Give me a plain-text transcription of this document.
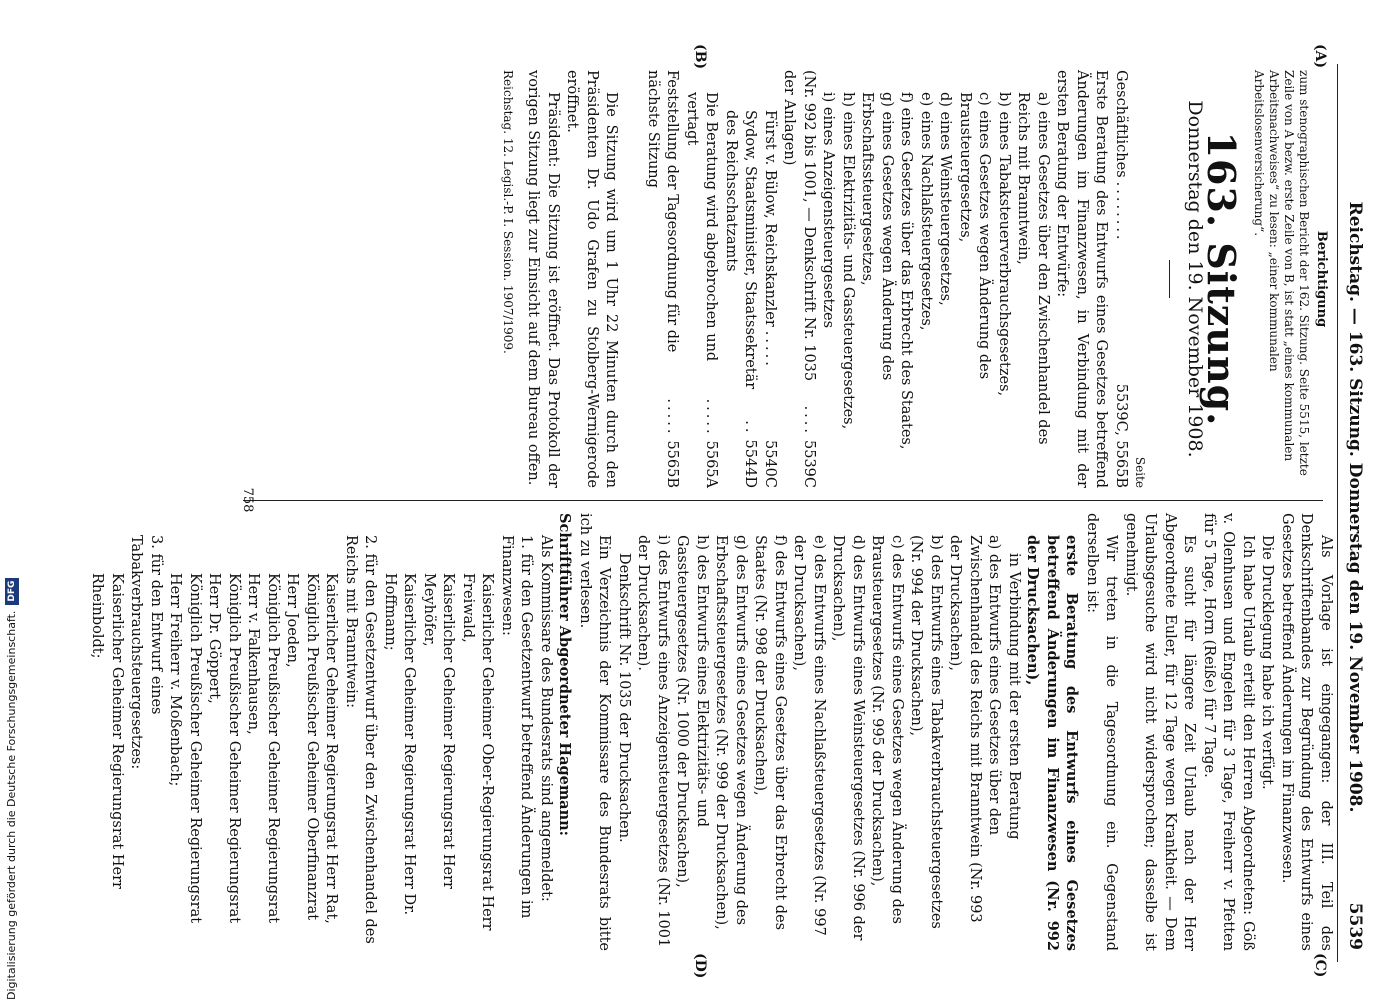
Reichstag. — 163. Sitzung. Donnerstag den 19. November 1908.
5539
(A)
(B)
(C)
(D)

Berichtigung

zum stenographischen Bericht der 162. Sitzung. Seite 5515, letzte Zeile von A bezw. erste Zeile von B, ist statt „eines kommunalen Arbeitsnachweises“ zu lesen: „einer kommunalen Arbeitslosenversicherung“.

163. Sitzung.
Donnerstag den 19. November 1908.
Seite
Geschäftliches
........
5539C, 5565B

Erste Beratung des Entwurfs eines Gesetzes betreffend Änderungen im Finanzwesen, in Verbindung mit der ersten Beratung der Entwürfe:

a) eines Gesetzes über den Zwischenhandel des Reichs mit Branntwein,

b) eines Tabaksteuerverbrauchsgesetzes,

c) eines Gesetzes wegen Änderung des Brausteuergesetzes,

d) eines Weinsteuergesetzes,

e) eines Nachlaßsteuergesetzes,

f) eines Gesetzes über das Erbrecht des Staates,

g) eines Gesetzes wegen Änderung des Erbschaftssteuergesetzes,

h) eines Elektrizitäts- und Gassteuergesetzes,

i) eines Anzeigensteuergesetzes

(Nr. 992 bis 1001, — Denkschrift Nr. 1035 der Anlagen)
....
5539C
Fürst v. Bülow, Reichskanzler
.....
5540C
Sydow, Staatsminister, Staatssekretär des Reichsschatzamts
..
5544D
Die Beratung wird abgebrochen und vertagt
.....
5565A
Feststellung der Tagesordnung für die nächste Sitzung
.....
5565B

Die Sitzung wird um 1 Uhr 22 Minuten durch den Präsidenten Dr. Udo Grafen zu Stolberg-Wernigerode eröffnet.

Präsident: Die Sitzung ist eröffnet. Das Protokoll der vorigen Sitzung liegt zur Einsicht auf dem Bureau offen.

Reichstag. 12. Legisl.-P. I. Session. 1907/1909.

Als Vorlage ist eingegangen: der III. Teil des Denkschriftenbandes zur Begründung des Entwurfs eines Gesetzes betreffend Änderungen im Finanzwesen.

Die Drucklegung habe ich verfügt.

Ich habe Urlaub erteilt den Herren Abgeordneten: Göß v. Olenhusen und Engelen für 3 Tage, Freiherr v. Pfetten für 5 Tage, Horn (Reiße) für 7 Tage.

Es sucht für längere Zeit Urlaub nach der Herr Abgeordnete Euler, für 12 Tage wegen Krankheit. — Dem Urlaubsgesuche wird nicht widersprochen; dasselbe ist genehmigt.

Wir treten in die Tagesordnung ein. Gegenstand derselben ist:

erste Beratung des Entwurfs eines Gesetzes betreffend Änderungen im Finanzwesen (Nr. 992 der Drucksachen),

in Verbindung mit der ersten Beratung

a) des Entwurfs eines Gesetzes über den Zwischenhandel des Reichs mit Branntwein (Nr. 993 der Drucksachen),

b) des Entwurfs eines Tabakverbrauchsteuergesetzes (Nr. 994 der Drucksachen),

c) des Entwurfs eines Gesetzes wegen Änderung des Brausteuergesetzes (Nr. 995 der Drucksachen),

d) des Entwurfs eines Weinsteuergesetzes (Nr. 996 der Drucksachen),

e) des Entwurfs eines Nachlaßsteuergesetzes (Nr. 997 der Drucksachen),

f) des Entwurfs eines Gesetzes über das Erbrecht des Staates (Nr. 998 der Drucksachen),

g) des Entwurfs eines Gesetzes wegen Änderung des Erbschaftssteuergesetzes (Nr. 999 der Drucksachen),

h) des Entwurfs eines Elektrizitäts- und Gassteuergesetzes (Nr. 1000 der Drucksachen),

i) des Entwurfs eines Anzeigensteuergesetzes (Nr. 1001 der Drucksachen).

Denkschrift Nr. 1035 der Drucksachen.

Ein Verzeichnis der Kommissare des Bundesrats bitte ich zu verlesen.

Schriftführer Abgeordneter Hagemann:

Als Kommissare des Bundesrats sind angemeldet:

1. für den Gesetzentwurf betreffend Änderungen im Finanzwesen:

Kaiserlicher Geheimer Ober-Regierungsrat Herr Freiwald,

Kaiserlicher Geheimer Regierungsrat Herr Meyhöfer,

Kaiserlicher Geheimer Regierungsrat Herr Dr. Hoffmann;

2. für den Gesetzentwurf über den Zwischenhandel des Reichs mit Branntwein:

Kaiserlicher Geheimer Regierungsrat Herr Rat,

Königlich Preußischer Geheimer Oberfinanzrat Herr Joeden,

Königlich Preußischer Geheimer Regierungsrat Herr v. Falkenhausen,

Königlich Preußischer Geheimer Regierungsrat Herr Dr. Göppert,

Königlich Preußischer Geheimer Regierungsrat Herr Freiherr v. Moßenbach;

3. für den Entwurf eines Tabakverbrauchsteuergesetzes:

Kaiserlicher Geheimer Regierungsrat Herr Rheinboldt;

758
Digitalisierung gefördert durch die Deutsche Forschungsgemeinschaft.DFG
